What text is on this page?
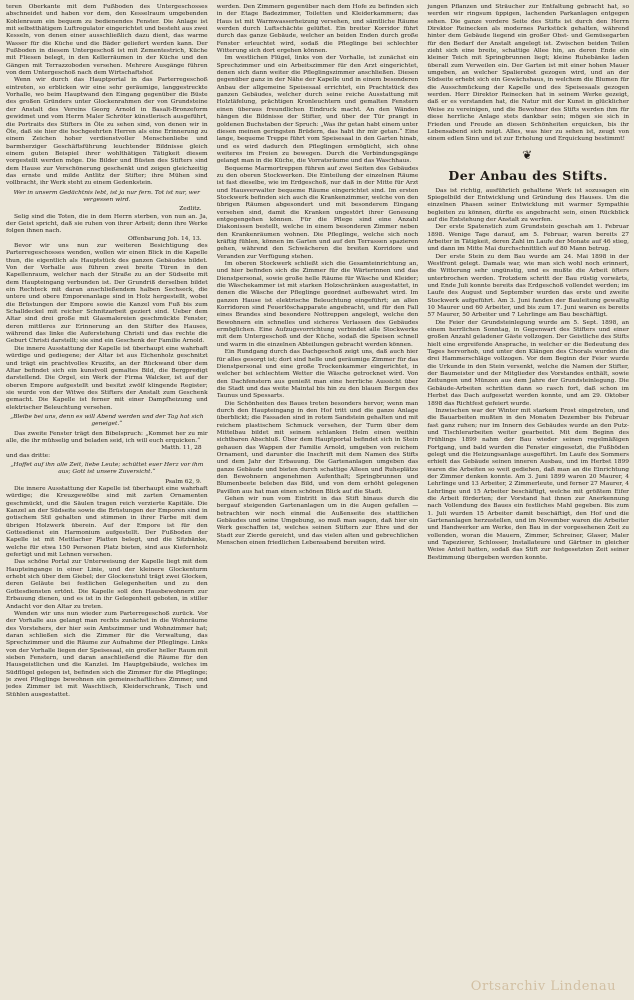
teren Oberkante mit dem Fußboden des Untergeschosses abschneidet und haben vor dem, den Kesselraum umgebenden Kohlenraum ein bequem zu bedienendes Fenster. Die Anlage ist mit selbstthätigem Luftregulator eingerichtet und besteht aus zwei Kesseln, von denen einer ausschließlich dazu dient, das warme Wasser für die Küche und die Bäder geliefert werden kann. Der Fußboden in diesem Untergeschoß ist mit Zementestrich, Küche mit Fliesen belegt, in den Kellerräumen in der Küche und den Gängen mit Terrazzoboden versehen. Mehrere Ausgänge führen von dem Untergeschoß nach dem Wirtschaftshof.

Wenn wir durch das Hauptportal in das Parterregeschoß eintreten, so erblicken wir eine sehr geräumige, langgestreckte Vorhalle, wo beim Hauptwand den Eingang gegenüber die Büste des großen Gründers unter Glockenrahmen der von Grundsteine der Anstalt des Vereins Georg Arnold in Basalt-Bronzeform gewidmet und vom Herrn Maler Schröter künstlerisch ausgeführt, die Portraits des Stifters in Öle zu sehen sind, von denen wir in Öle, daß sie hier die hochgeehrten Herren als eine Erinnerung zu einem Zeichen hoher verdienstvoller Menschenliebe und barmherziger Geschäftsführung leuchtender Bildnisse gleich einem guten Beispiel ihrer wohlthätigen Tätigkeit diesem vorgestellt werden möge. Die Bilder und Büsten des Stifters sind dem Hause zur Verschönerung geschenkt und zeigen gleichzeitig das ernste und milde Antlitz der Stifter; ihre Mühen sind vollbracht, ihr Werk steht zu einem Gedenkstein.

Wer in unserm Gedächtnis lebt, ist ja nur fern. Tot ist nur, wer vergessen wird.
Zedlitz.

Selig sind die Toten, die in dem Herrn sterben, von nun an. Ja, der Geist spricht, daß sie ruhen von ihrer Arbeit; denn ihre Werke folgen ihnen nach.

Offenbarung Joh. 14, 13.

Bevor wir uns nun zur weiteren Besichtigung des Parterregeschosses wenden, wollen wir einen Blick in die Kapelle thun, die eigentlich als Hauptstück des ganzen Gebäudes bildet. Von der Vorhalle aus führen zwei breite Türen in den Kapellenraum, welcher nach der Straße zu an der Südseite mit dem Haupteingang verbunden ist. Der Grundriß derselben bildet ein Rechteck mit daran anschließendem halben Sechseck, die untere und obere Emporenanlage sind in Holz hergestellt, wobei die Brüstungen der Empore sowie die Kanzel vom Fuß bis zum Schalldeckel mit reicher Schnitzarbeit geziert sind. Ueber dem Altar sind drei große mit Glasmalereien geschmückte Fenster, deren mittleres zur Erinnerung an den Stifter des Hauses, während das linke die Auferstehung Christi und das rechte die Geburt Christi darstellt; sie sind ein Geschenk der Familie Arnold.

Die innere Ausstattung der Kapelle ist überhaupt eine wahrhaft würdige und gediegene; der Altar ist aus Eichenholz geschnitzt und trägt ein prachtvolles Kruzifix, an der Rückwand über dem Altar befindet sich ein kunstvoll gemaltes Bild, die Bergpredigt darstellend. Die Orgel, ein Werk der Firma Walcker, ist auf der oberen Empore aufgestellt und besitzt zwölf klingende Register; sie wurde von der Witwe des Stifters der Anstalt zum Geschenk gemacht. Die Kapelle ist ferner mit einer Dampfheizung und elektrischer Beleuchtung versehen.

„Bleibe bei uns, denn es will Abend werden und der Tag hat sich geneiget.“

Das zweite Fenster trägt den Bibelspruch: „Kommet her zu mir alle, die ihr mühselig und beladen seid, ich will euch erquicken.“

Matth. 11, 28

und das dritte:

„Hoffet auf ihn alle Zeit, liebe Leute; schüttet euer Herz vor ihm aus; Gott ist unsere Zuversicht.“
Psalm 62, 9.

Die innere Ausstattung der Kapelle ist überhaupt eine wahrhaft würdige; die Kreuzgewölbe sind mit zarten Ornamenten geschmückt, und die Säulen tragen reich verzierte Kapitäle. Die Kanzel an der Südseite sowie die Brüstungen der Emporen sind in gotischem Stil gehalten und stimmen in ihrer Farbe mit dem übrigen Holzwerk überein. Auf der Empore ist für den Gottesdienst ein Harmonium aufgestellt. Der Fußboden der Kapelle ist mit Mettlacher Platten belegt, und die Sitzbänke, welche für etwa 150 Personen Platz bieten, sind aus Kiefernholz gefertigt und mit Lehnen versehen.

Das schöne Portal zur Unterweisung der Kapelle liegt mit dem Haupteingange in einer Linie, und der kleinere Glockenturm erhebt sich über dem Giebel; der Glockenstuhl trägt zwei Glocken, deren Geläute bei festlichen Gelegenheiten und zu den Gottesdiensten ertönt. Die Kapelle soll den Hausbewohnern zur Erbauung dienen, und es ist in ihr Gelegenheit geboten, in stiller Andacht vor den Altar zu treten.

Wenden wir uns nun wieder zum Parterregeschoß zurück. Vor der Vorhalle aus gelangt man rechts zunächst in die Wohnräume des Vorstehers, der hier sein Amtszimmer und Wohnzimmer hat; daran schließen sich die Zimmer für die Verwaltung, das Sprechzimmer und die Räume zur Aufnahme der Pfleglinge. Links von der Vorhalle liegen der Speisesaal, ein großer heller Raum mit sieben Fenstern, und daran anschließend die Räume für den Hausgeistlichen und die Kanzlei. Im Hauptgebäude, welches im Südflügel gelegen ist, befinden sich die Zimmer für die Pfleglinge; je zwei Pfleglinge bewohnen ein gemeinschaftliches Zimmer, und jedes Zimmer ist mit Waschtisch, Kleiderschrank, Tisch und Stühlen ausgestattet.

werden. Den Zimmern gegenüber nach dem Hofe zu befinden sich in der Etage Badezimmer, Toiletten und Kleiderkammern; das Haus ist mit Warmwasserheizung versehen, und sämtliche Räume werden durch Luftschächte gelüftet. Ein breiter Korridor führt durch das ganze Gebäude, welcher an beiden Enden durch große Fenster erleuchtet wird, sodaß die Pfleglinge bei schlechter Witterung sich dort ergehen können.

Im westlichen Flügel, links von der Vorhalle, ist zunächst ein Sprechzimmer und ein Arbeitszimmer für den Arzt eingerichtet, denen sich dann weiter die Pfleglingszimmer anschließen. Diesen gegenüber ganz in der Nähe der Kapelle und in einem besonderen Anbau der allgemeine Speisesaal errichtet, ein Prachtstück des ganzen Gebäudes, welcher durch seine reiche Ausstattung mit Holztäfelung, prächtigen Kronleuchtern und gemalten Fenstern einen überaus freundlichen Eindruck macht. An den Wänden hängen die Bildnisse der Stifter, und über der Tür prangt in goldenen Buchstaben der Spruch: „Was ihr getan habt einem unter diesen meinen geringsten Brüdern, das habt ihr mir getan.“ Eine lange, bequeme Treppe führt vom Speisesaal in den Garten hinab, und es wird dadurch den Pfleglingen ermöglicht, sich ohne weiteres im Freien zu bewegen. Durch die Verbindungsgänge gelangt man in die Küche, die Vorratsräume und das Waschhaus.

Bequeme Marmortreppen führen auf zwei Seiten des Gebäudes zu den oberen Stockwerken. Die Einteilung der einzelnen Räume ist fast dieselbe, wie im Erdgeschoß, nur daß in der Mitte für Arzt und Hausverwalter bequeme Räume eingerichtet sind. Im ersten Stockwerk befinden sich auch die Krankenzimmer, welche von den übrigen Räumen abgesondert und mit besonderem Eingang versehen sind, damit die Kranken ungestört ihrer Genesung entgegengehen können. Für die Pflege sind eine Anzahl Diakonissen bestellt, welche in einem besonderen Zimmer neben den Krankenräumen wohnen. Die Pfleglinge, welche sich noch kräftig fühlen, können im Garten und auf den Terrassen spazieren gehen, während den Schwächeren die breiten Korridore und Veranden zur Verfügung stehen.

Im oberen Stockwerk schließt sich die Gesamteinrichtung an, und hier befinden sich die Zimmer für die Wärterinnen und das Dienstpersonal, sowie große helle Räume für Wäsche und Kleider; die Wäschekammer ist mit starken Holzschränken ausgestattet, in denen die Wäsche der Pfleglinge geordnet aufbewahrt wird. Im ganzen Hause ist elektrische Beleuchtung eingeführt; an allen Korridoren sind Feuerlöschapparate angebracht, und für den Fall eines Brandes sind besondere Nottreppen angelegt, welche den Bewohnern ein schnelles und sicheres Verlassen des Gebäudes ermöglichen. Eine Aufzugsvorrichtung verbindet alle Stockwerke mit dem Untergeschoß und der Küche, sodaß die Speisen schnell und warm in die einzelnen Abteilungen gebracht werden können.

Ein Rundgang durch das Dachgeschoß zeigt uns, daß auch hier für alles gesorgt ist; dort sind helle und geräumige Zimmer für das Dienstpersonal und eine große Trockenkammer eingerichtet, in welcher bei schlechtem Wetter die Wäsche getrocknet wird. Von den Dachfenstern aus genießt man eine herrliche Aussicht über die Stadt und das weite Maintal bis hin zu den blauen Bergen des Taunus und Spessarts.

Die Schönheiten des Baues treten besonders hervor, wenn man durch den Haupteingang in den Hof tritt und die ganze Anlage überblickt; die Fassaden sind in rotem Sandstein gehalten und mit reichem plastischem Schmuck versehen, der Turm über dem Mittelbau bildet mit seinem schlanken Helm einen weithin sichtbaren Abschluß. Über dem Hauptportal befindet sich in Stein gehauen das Wappen der Familie Arnold, umgeben von reichem Ornament, und darunter die Inschrift mit dem Namen des Stifts und dem Jahr der Erbauung. Die Gartenanlagen umgeben das ganze Gebäude und bieten durch schattige Alleen und Ruheplätze den Bewohnern angenehmen Aufenthalt; Springbrunnen und Blumenbeete beleben das Bild, und von dem erhöht gelegenen Pavillon aus hat man einen schönen Blick auf die Stadt.

Gehen wir nun vom Eintritt in das Stift hinaus durch die bergauf steigenden Gartenanlagen um in die Augen gefallen — betrachten wir noch einmal die Außenseite des stattlichen Gebäudes und seine Umgebung, so muß man sagen, daß hier ein Werk geschaffen ist, welches seinen Stiftern zur Ehre und der Stadt zur Zierde gereicht, und das vielen alten und gebrechlichen Menschen einen friedlichen Lebensabend bereiten wird.

jungen Pflanzen und Sträucher zur Entfaltung gebracht hat, so werden wir ringsum üppigen, lachenden Parkanlagen entgegen sehen. Die ganze vordere Seite des Stifts ist durch den Herrn Direktor Reinecken als modernes Parkstück gehalten, während hinter dem Gebäude liegend ein großer Obst- und Gemüsegarten für den Bedarf der Anstalt angelegt ist. Zwischen beiden Teilen zieht sich eine breite, schattige Allee hin, an deren Ende ein kleiner Teich mit Springbrunnen liegt; kleine Ruhebänke laden überall zum Verweilen ein. Der Garten ist mit einer hohen Mauer umgeben, an welcher Spalierobst gezogen wird, und an der Südseite erhebt sich ein Gewächshaus, in welchem die Blumen für die Ausschmückung der Kapelle und des Speisesaals gezogen werden. Herr Direktor Reinecken hat in seinem Werke gezeigt, daß er es verstanden hat, die Natur mit der Kunst in glücklicher Weise zu vereinigen, und die Bewohner des Stifts werden ihm für diese herrliche Anlage stets dankbar sein; mögen sie sich in Frieden und Freude an diesen Schönheiten erquicken, bis ihr Lebensabend sich neigt. Alles, was hier zu sehen ist, zeugt von einem edlen Sinn und ist zur Erholung und Erquickung bestimmt!

❦
Der Anbau des Stifts.

Das ist richtig, ausführlich gehaltene Werk ist sozusagen ein Spiegelbild der Entwicklung und Gründung des Hauses. Um die einzelnen Phasen seiner Entwicklung mit warmer Sympathie begleiten zu können, dürfte es angebracht sein, einen Rückblick auf die Entstehung der Anstalt zu werfen.

Der erste Spatenstich zum Grundstein geschah am 1. Februar 1898. Wenige Tage darauf, am 5. Februar, waren bereits 27 Arbeiter in Tätigkeit, deren Zahl im Laufe der Monate auf 46 stieg, und dann im Mitte Mai durchschnittlich auf 80 Mann betrug.

Der erste Stein zu dem Bau wurde am 24. Mai 1898 in der Westfront gelegt. Damals war, wie man sich wohl noch erinnert, die Witterung sehr ungünstig, und es mußte die Arbeit öfters unterbrochen werden. Trotzdem schritt der Bau rüstig vorwärts, und Ende Juli konnte bereits das Erdgeschoß vollendet werden; im Laufe des August und September wurden das erste und zweite Stockwerk aufgeführt. Am 3. Juni fanden der Bauleitung gewaltig 10 Maurer und 60 Arbeiter, und bis zum 17. Juni waren es bereits 57 Maurer, 50 Arbeiter und 7 Lehrlinge am Bau beschäftigt.

Die Feier der Grundsteinlegung wurde am 5. Sept. 1898, an einem herrlichen Sonntag, in Gegenwart des Stifters und einer großen Anzahl geladener Gäste vollzogen. Der Geistliche des Stifts hielt eine ergreifende Ansprache, in welcher er die Bedeutung des Tages hervorhob, und unter den Klängen des Chorals wurden die drei Hammerschläge vollzogen. Vor dem Beginn der Feier wurde die Urkunde in den Stein versenkt, welche die Namen der Stifter, der Baumeister und der Mitglieder des Vorstandes enthält, sowie Zeitungen und Münzen aus dem Jahre der Grundsteinlegung. Die Gebäude-Arbeiten schritten dann so rasch fort, daß schon im Herbst das Dach aufgesetzt werden konnte, und am 29. Oktober 1898 das Richtfest gefeiert wurde.

Inzwischen war der Winter mit starkem Frost eingetreten, und die Bauarbeiten mußten in den Monaten Dezember bis Februar fast ganz ruhen; nur im Innern des Gebäudes wurde an den Putz- und Tischlerarbeiten weiter gearbeitet. Mit dem Beginn des Frühlings 1899 nahm der Bau wieder seinen regelmäßigen Fortgang, und bald wurden die Fenster eingesetzt, die Fußböden gelegt und die Heizungsanlage ausgeführt. Im Laufe des Sommers erhielt das Gebäude seinen inneren Ausbau, und im Herbst 1899 waren die Arbeiten so weit gediehen, daß man an die Einrichtung der Zimmer denken konnte. Am 3. Juni 1899 waren 20 Maurer, 4 Lehrlinge und 13 Arbeiter, 2 Zimmerleute, und ferner 27 Maurer, 4 Lehrlinge und 15 Arbeiter beschäftigt, welche mit größtem Eifer die Arbeit förderten; der Vorstand hat ihnen zur Anerkennung nach Vollendung des Baues ein festliches Mahl gegeben. Bis zum 1. Juli wurden 15 Arbeiter damit beschäftigt, den Hof und die Gartenanlagen herzustellen, und im November waren die Arbeiter und Handwerker am Werke, den Bau in der vorgesehenen Zeit zu vollenden, woran die Mauern, Zimmer, Schreiner, Glaser, Maler und Tapezierer, Schlosser, Installateure und Gärtner in gleicher Weise Anteil hatten, sodaß das Stift zur festgesetzten Zeit seiner Bestimmung übergeben werden konnte.

Ortsarchiv Lindenau
